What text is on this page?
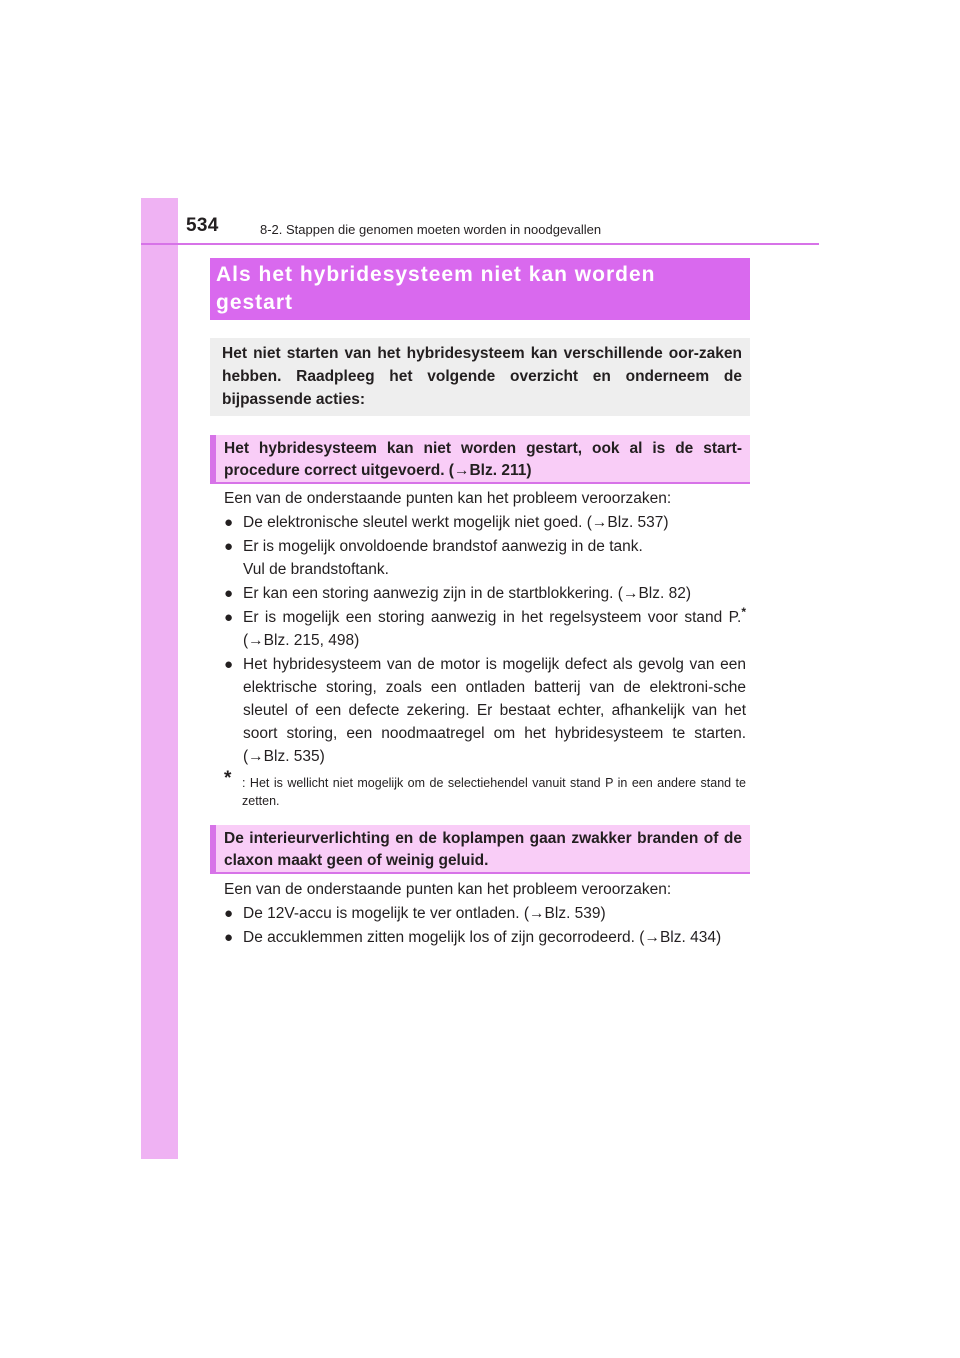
534	8-2. Stappen die genomen moeten worden in noodgevallen
Als het hybridesysteem niet kan worden
gestart
Het niet starten van het hybridesysteem kan verschillende oor-zaken hebben. Raadpleeg het volgende overzicht en onderneem de bijpassende acties:
Het hybridesysteem kan niet worden gestart, ook al is de start-procedure correct uitgevoerd. (→Blz. 211)

Een van de onderstaande punten kan het probleem veroorzaken:

● De elektronische sleutel werkt mogelijk niet goed. (→Blz. 537)
● Er is mogelijk onvoldoende brandstof aanwezig in de tank.
Vul de brandstoftank.
● Er kan een storing aanwezig zijn in de startblokkering. (→Blz. 82)
● Er is mogelijk een storing aanwezig in het regelsysteem voor stand P.* (→Blz. 215, 498)
● Het hybridesysteem van de motor is mogelijk defect als gevolg van een elektrische storing, zoals een ontladen batterij van de elektroni-sche sleutel of een defecte zekering. Er bestaat echter, afhankelijk van het soort storing, een noodmaatregel om het hybridesysteem te starten. (→Blz. 535)
* : Het is wellicht niet mogelijk om de selectiehendel vanuit stand P in een andere stand te zetten.
De interieurverlichting en de koplampen gaan zwakker branden of de claxon maakt geen of weinig geluid.

Een van de onderstaande punten kan het probleem veroorzaken:

● De 12V-accu is mogelijk te ver ontladen. (→Blz. 539)
● De accuklemmen zitten mogelijk los of zijn gecorrodeerd. (→Blz. 434)
